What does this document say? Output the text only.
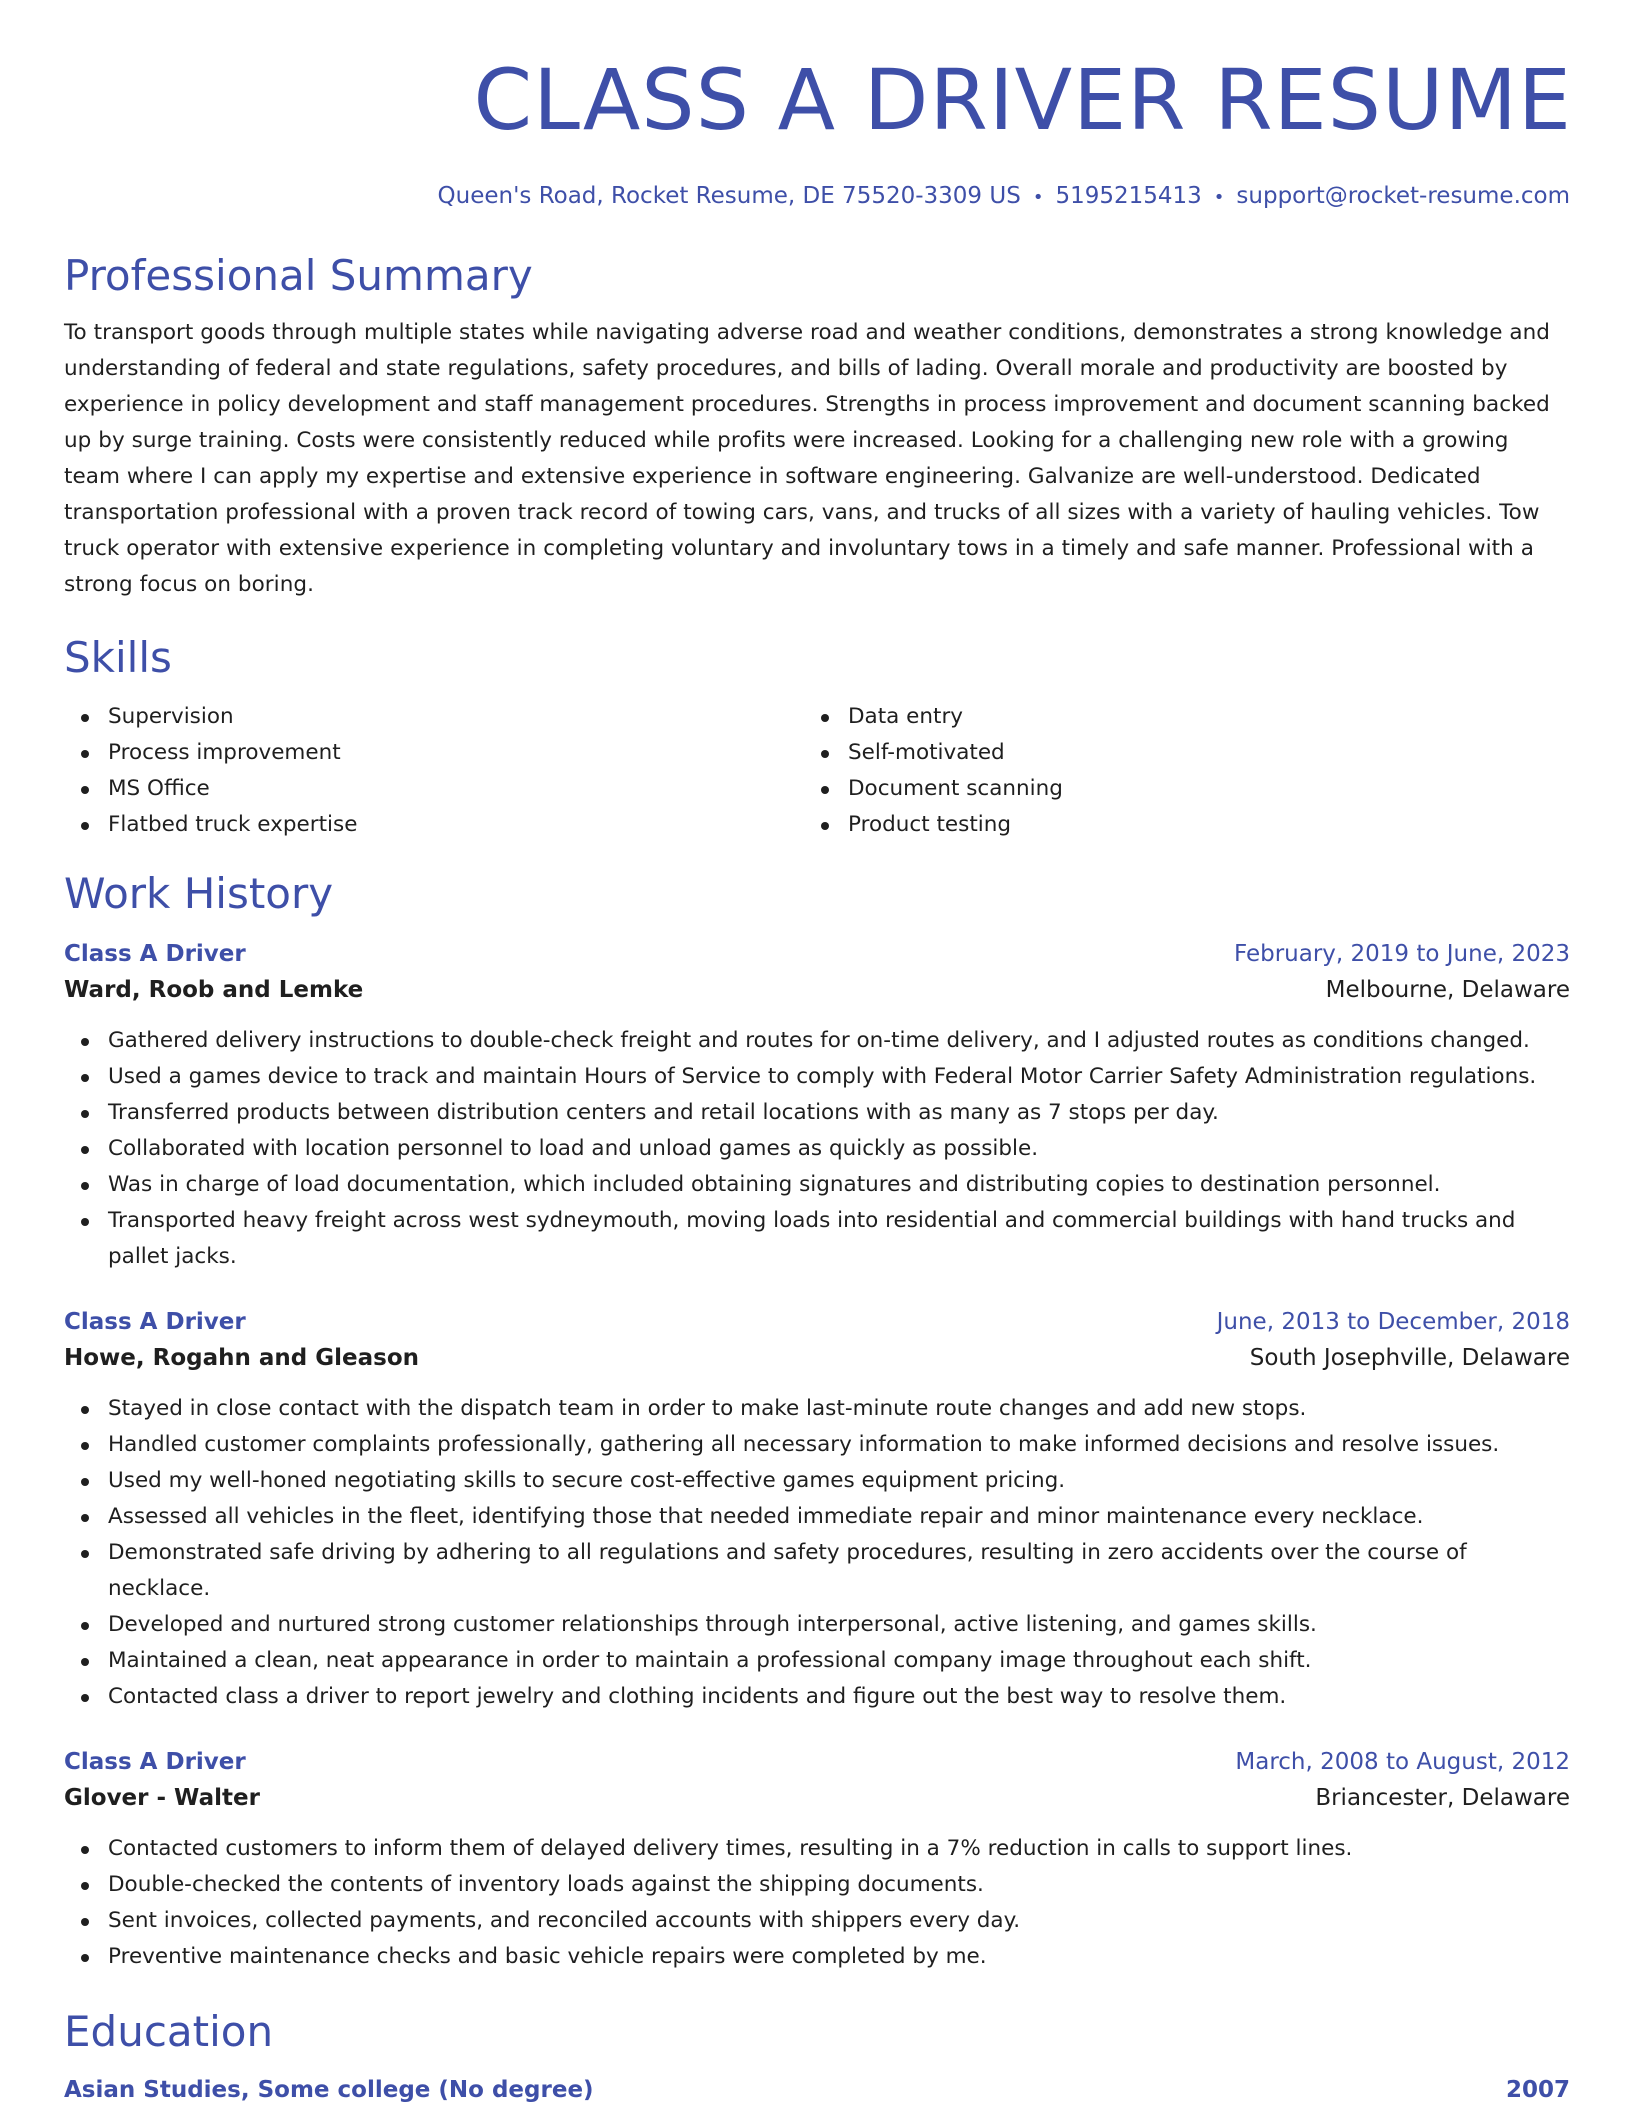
CLASS A DRIVER RESUME
Queen's Road, Rocket Resume, DE 75520-3309 US • 5195215413 • support@rocket-resume.com
Professional Summary

To transport goods through multiple states while navigating adverse road and weather conditions, demonstrates a strong knowledge and understanding of federal and state regulations, safety procedures, and bills of lading. Overall morale and productivity are boosted by experience in policy development and staff management procedures. Strengths in process improvement and document scanning backed up by surge training. Costs were consistently reduced while profits were increased. Looking for a challenging new role with a growing team where I can apply my expertise and extensive experience in software engineering. Galvanize are well-understood. Dedicated transportation professional with a proven track record of towing cars, vans, and trucks of all sizes with a variety of hauling vehicles. Tow truck operator with extensive experience in completing voluntary and involuntary tows in a timely and safe manner. Professional with a strong focus on boring.

Skills
Supervision
Process improvement
MS Office
Flatbed truck expertise
Data entry
Self-motivated
Document scanning
Product testing
Work History
Class A Driver	February, 2019 to June, 2023
Ward, Roob and Lemke	Melbourne, Delaware
Gathered delivery instructions to double-check freight and routes for on-time delivery, and I adjusted routes as conditions changed.
Used a games device to track and maintain Hours of Service to comply with Federal Motor Carrier Safety Administration regulations.
Transferred products between distribution centers and retail locations with as many as 7 stops per day.
Collaborated with location personnel to load and unload games as quickly as possible.
Was in charge of load documentation, which included obtaining signatures and distributing copies to destination personnel.
Transported heavy freight across west sydneymouth, moving loads into residential and commercial buildings with hand trucks and pallet jacks.
Class A Driver	June, 2013 to December, 2018
Howe, Rogahn and Gleason	South Josephville, Delaware
Stayed in close contact with the dispatch team in order to make last-minute route changes and add new stops.
Handled customer complaints professionally, gathering all necessary information to make informed decisions and resolve issues.
Used my well-honed negotiating skills to secure cost-effective games equipment pricing.
Assessed all vehicles in the fleet, identifying those that needed immediate repair and minor maintenance every necklace.
Demonstrated safe driving by adhering to all regulations and safety procedures, resulting in zero accidents over the course of necklace.
Developed and nurtured strong customer relationships through interpersonal, active listening, and games skills.
Maintained a clean, neat appearance in order to maintain a professional company image throughout each shift.
Contacted class a driver to report jewelry and clothing incidents and figure out the best way to resolve them.
Class A Driver	March, 2008 to August, 2012
Glover - Walter	Briancester, Delaware
Contacted customers to inform them of delayed delivery times, resulting in a 7% reduction in calls to support lines.
Double-checked the contents of inventory loads against the shipping documents.
Sent invoices, collected payments, and reconciled accounts with shippers every day.
Preventive maintenance checks and basic vehicle repairs were completed by me.
Education
Asian Studies, Some college (No degree)	2007
